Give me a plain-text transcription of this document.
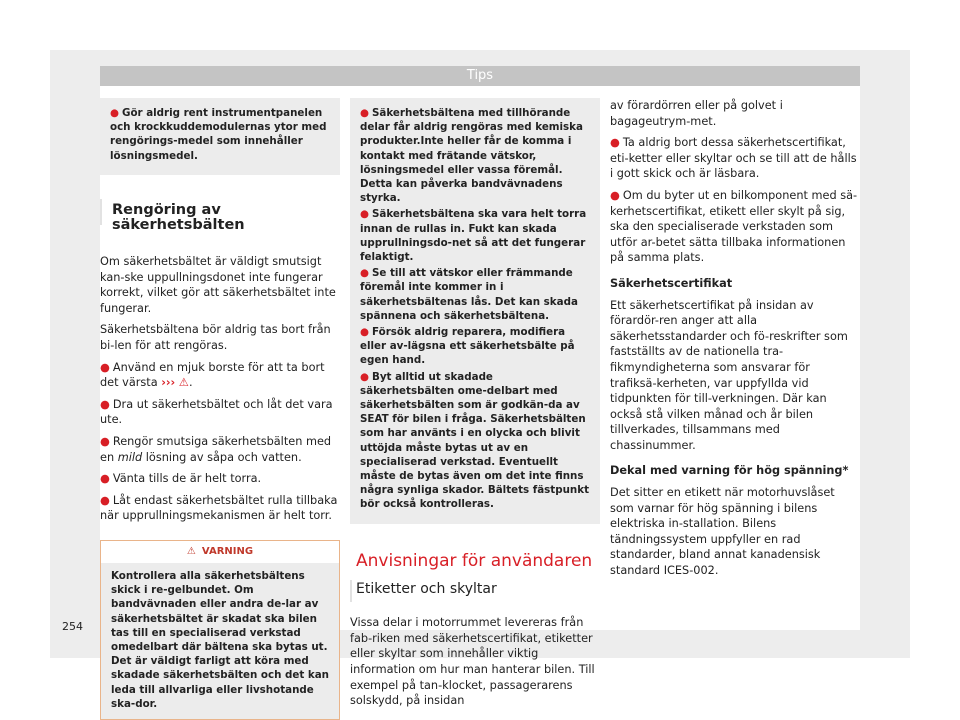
Tips

● Gör aldrig rent instrumentpanelen och krockkuddemodulernas ytor med rengörings-medel som innehåller lösningsmedel.

Rengöring av säkerhetsbälten

Om säkerhetsbältet är väldigt smutsigt kan-ske uppullningsdonet inte fungerar korrekt, vilket gör att säkerhetsbältet inte fungerar.

Säkerhetsbältena bör aldrig tas bort från bi-len för att rengöras.

● Använd en mjuk borste för att ta bort det värsta ››› ⚠.

● Dra ut säkerhetsbältet och låt det vara ute.

● Rengör smutsiga säkerhetsbälten med en mild lösning av såpa och vatten.

● Vänta tills de är helt torra.

● Låt endast säkerhetsbältet rulla tillbaka när upprullningsmekanismen är helt torr.

⚠ VARNING
Kontrollera alla säkerhetsbältens skick i re-gelbundet. Om bandvävnaden eller andra de-lar av säkerhetsbältet är skadat ska bilen tas till en specialiserad verkstad omedelbart där bältena ska bytas ut. Det är väldigt farligt att köra med skadade säkerhetsbälten och det kan leda till allvarliga eller livshotande ska-dor.

● Säkerhetsbältena med tillhörande delar får aldrig rengöras med kemiska produkter.Inte heller får de komma i kontakt med frätande vätskor, lösningsmedel eller vassa föremål. Detta kan påverka bandvävnadens styrka.

● Säkerhetsbältena ska vara helt torra innan de rullas in. Fukt kan skada upprullningsdo-net så att det fungerar felaktigt.

● Se till att vätskor eller främmande föremål inte kommer in i säkerhetsbältenas lås. Det kan skada spännena och säkerhetsbältena.

● Försök aldrig reparera, modifiera eller av-lägsna ett säkerhetsbälte på egen hand.

● Byt alltid ut skadade säkerhetsbälten ome-delbart med säkerhetsbälten som är godkän-da av SEAT för bilen i fråga. Säkerhetsbälten som har använts i en olycka och blivit uttöjda måste bytas ut av en specialiserad verkstad. Eventuellt måste de bytas även om det inte finns några synliga skador. Bältets fästpunkt bör också kontrolleras.

Anvisningar för användaren
Etiketter och skyltar

Vissa delar i motorrummet levereras från fab-riken med säkerhetscertifikat, etiketter eller skyltar som innehåller viktig information om hur man hanterar bilen. Till exempel på tan-klocket, passagerarens solskydd, på insidan

av förardörren eller på golvet i bagageutrym-met.

● Ta aldrig bort dessa säkerhetscertifikat, eti-ketter eller skyltar och se till att de hålls i gott skick och är läsbara.

● Om du byter ut en bilkomponent med sä-kerhetscertifikat, etikett eller skylt på sig, ska den specialiserade verkstaden som utför ar-betet sätta tillbaka informationen på samma plats.

Säkerhetscertifikat

Ett säkerhetscertifikat på insidan av förardör-ren anger att alla säkerhetsstandarder och fö-reskrifter som fastställts av de nationella tra-fikmyndigheterna som ansvarar för trafiksä-kerheten, var uppfyllda vid tidpunkten för till-verkningen. Där kan också stå vilken månad och år bilen tillverkades, tillsammans med chassinummer.

Dekal med varning för hög spänning*

Det sitter en etikett när motorhuvslåset som varnar för hög spänning i bilens elektriska in-stallation. Bilens tändningssystem uppfyller en rad standarder, bland annat kanadensisk standard ICES-002.

254
